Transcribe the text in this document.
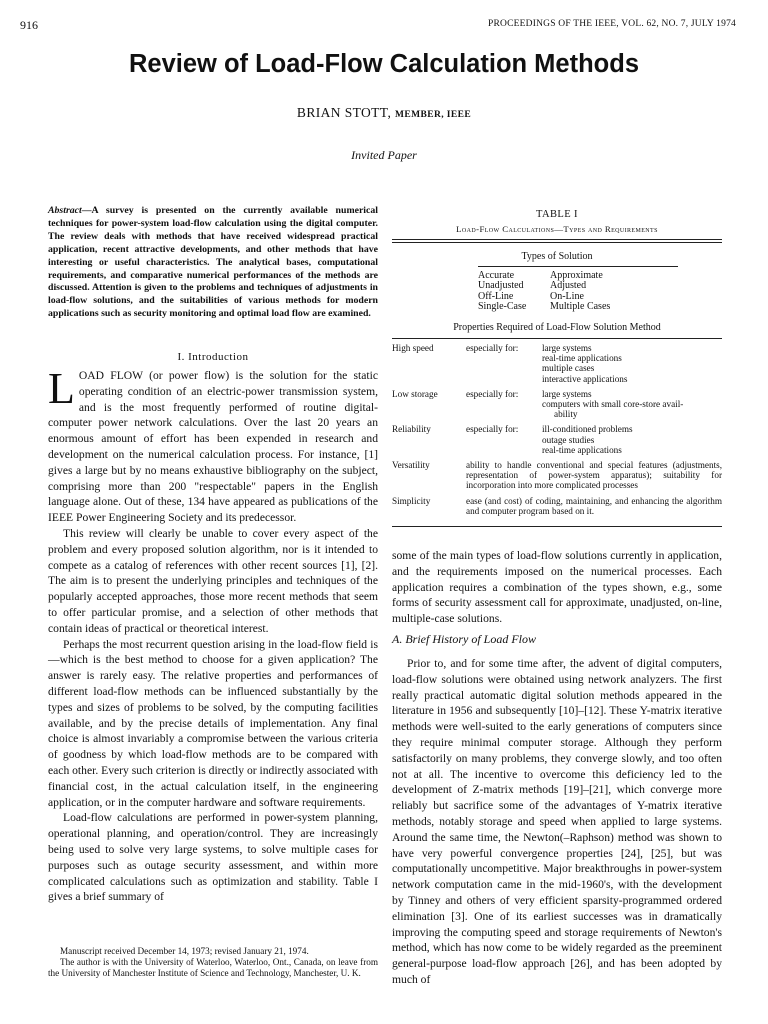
916	PROCEEDINGS OF THE IEEE, VOL. 62, NO. 7, JULY 1974
Review of Load-Flow Calculation Methods
BRIAN STOTT, MEMBER, IEEE
Invited Paper
Abstract—A survey is presented on the currently available numerical techniques for power-system load-flow calculation using the digital computer. The review deals with methods that have received widespread practical application, recent attractive developments, and other methods that have interesting or useful characteristics. The analytical bases, computational requirements, and comparative numerical performances of the methods are discussed. Attention is given to the problems and techniques of adjustments in load-flow solutions, and the suitabilities of various methods for modern applications such as security monitoring and optimal load flow are examined.
I. Introduction

LOAD FLOW (or power flow) is the solution for the static operating condition of an electric-power transmission system, and is the most frequently performed of routine digital-computer power network calculations. Over the last 20 years an enormous amount of effort has been expended in research and development on the numerical calculation process. For instance, [1] gives a large but by no means exhaustive bibliography on the subject, comprising more than 200 "respectable" papers in the English language alone. Out of these, 134 have appeared as publications of the IEEE Power Engineering Society and its predecessor.

This review will clearly be unable to cover every aspect of the problem and every proposed solution algorithm, nor is it intended to compete as a catalog of references with other recent sources [1], [2]. The aim is to present the underlying principles and techniques of the popularly accepted approaches, those more recent methods that seem to offer particular promise, and a selection of other methods that contain ideas of practical or theoretical interest.

Perhaps the most recurrent question arising in the load-flow field is—which is the best method to choose for a given application? The answer is rarely easy. The relative properties and performances of different load-flow methods can be influenced substantially by the types and sizes of problems to be solved, by the computing facilities available, and by the precise details of implementation. Any final choice is almost invariably a compromise between the various criteria of goodness by which load-flow methods are to be compared with each other. Every such criterion is directly or indirectly associated with financial cost, in the actual calculation itself, in the engineering application, or in the computer hardware and software requirements.

Load-flow calculations are performed in power-system planning, operational planning, and operation/control. They are increasingly being used to solve very large systems, to solve multiple cases for purposes such as outage security assessment, and within more complicated calculations such as optimization and stability. Table I gives a brief summary of

Manuscript received December 14, 1973; revised January 21, 1974.

The author is with the University of Waterloo, Waterloo, Ont., Canada, on leave from the University of Manchester Institute of Science and Technology, Manchester, U. K.

TABLE I
Load-Flow Calculations—Types and Requirements
Types of Solution
Accurate	Approximate
Unadjusted	Adjusted
Off-Line	On-Line
Single-Case	Multiple Cases
Properties Required of Load-Flow Solution Method
High speed	especially for:	large systems
real-time applications
multiple cases
interactive applications
Low storage	especially for:	large systems
computers with small core-store avail-
ability
Reliability	especially for:	ill-conditioned problems
outage studies
real-time applications
Versatility	ability to handle conventional and special features (adjustments, representation of power-system apparatus); suitability for incorporation into more complicated processes
Simplicity	ease (and cost) of coding, maintaining, and enhancing the algorithm and computer program based on it.

some of the main types of load-flow solutions currently in application, and the requirements imposed on the numerical processes. Each application requires a combination of the types shown, e.g., some forms of security assessment call for approximate, unadjusted, on-line, multiple-case solutions.

A. Brief History of Load Flow

Prior to, and for some time after, the advent of digital computers, load-flow solutions were obtained using network analyzers. The first really practical automatic digital solution methods appeared in the literature in 1956 and subsequently [10]–[12]. These Y-matrix iterative methods were well-suited to the early generations of computers since they require minimal computer storage. Although they perform satisfactorily on many problems, they converge slowly, and too often not at all. The incentive to overcome this deficiency led to the development of Z-matrix methods [19]–[21], which converge more reliably but sacrifice some of the advantages of Y-matrix iterative methods, notably storage and speed when applied to large systems. Around the same time, the Newton(–Raphson) method was shown to have very powerful convergence properties [24], [25], but was computationally uncompetitive. Major breakthroughs in power-system network computation came in the mid-1960's, with the development by Tinney and others of very efficient sparsity-programmed ordered elimination [3]. One of its earliest successes was in dramatically improving the computing speed and storage requirements of Newton's method, which has now come to be widely regarded as the preeminent general-purpose load-flow approach [26], and has been adopted by much of
